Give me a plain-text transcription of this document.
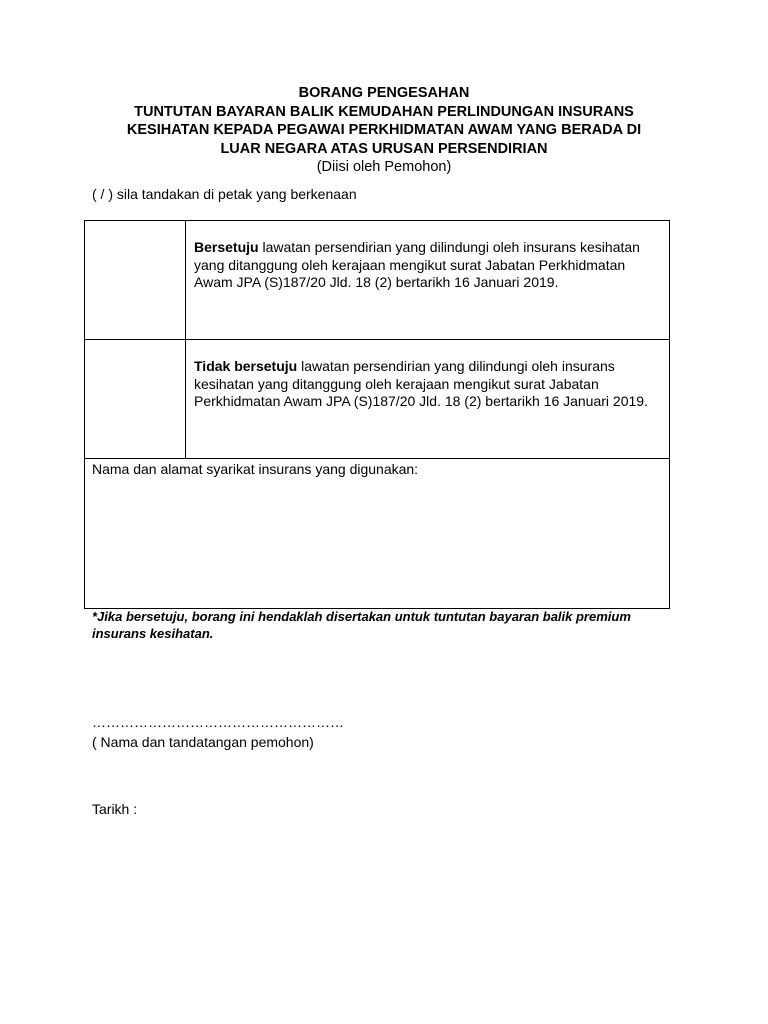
BORANG PENGESAHAN
TUNTUTAN BAYARAN BALIK KEMUDAHAN PERLINDUNGAN INSURANS
KESIHATAN KEPADA PEGAWAI PERKHIDMATAN AWAM YANG BERADA DI
LUAR NEGARA ATAS URUSAN PERSENDIRIAN
(Diisi oleh Pemohon)
( / ) sila tandakan di petak yang berkenaan
	Bersetuju lawatan persendirian yang dilindungi oleh insurans kesihatan yang ditanggung oleh kerajaan mengikut surat Jabatan Perkhidmatan Awam JPA (S)187/20 Jld. 18 (2) bertarikh 16 Januari 2019.
	Tidak bersetuju lawatan persendirian yang dilindungi oleh insurans kesihatan yang ditanggung oleh kerajaan mengikut surat Jabatan Perkhidmatan Awam JPA (S)187/20 Jld. 18 (2) bertarikh 16 Januari 2019.
Nama dan alamat syarikat insurans yang digunakan:	
*Jika bersetuju, borang ini hendaklah disertakan untuk tuntutan bayaran balik premium insurans kesihatan.
………………………………………………
( Nama dan tandatangan pemohon)
Tarikh :
